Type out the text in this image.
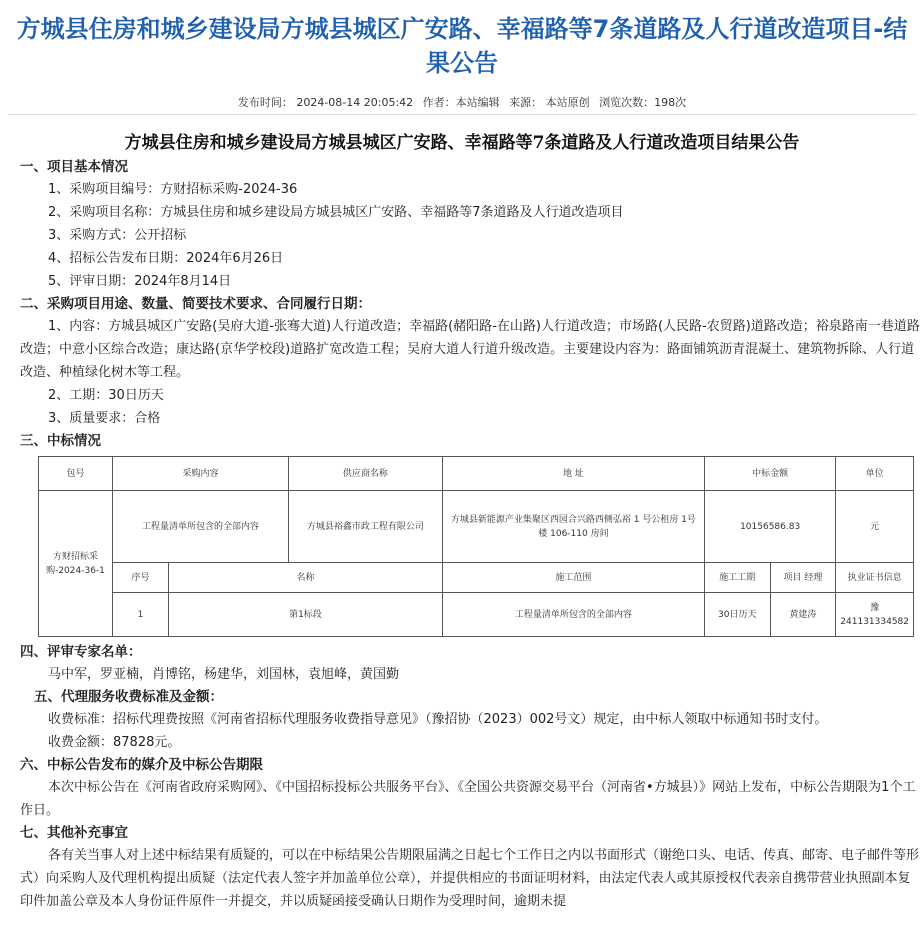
方城县住房和城乡建设局方城县城区广安路、幸福路等7条道路及人行道改造项目-结果公告
发布时间： 2024-08-14 20:05:42 作者：本站编辑 来源： 本站原创 浏览次数：198次
方城县住房和城乡建设局方城县城区广安路、幸福路等7条道路及人行道改造项目结果公告
一、项目基本情况
1、采购项目编号：方财招标采购-2024-36
2、采购项目名称：方城县住房和城乡建设局方城县城区广安路、幸福路等7条道路及人行道改造项目
3、采购方式：公开招标
4、招标公告发布日期：2024年6月26日
5、评审日期：2024年8月14日
二、采购项目用途、数量、简要技术要求、合同履行日期：
1、内容：方城县城区广安路(吴府大道-张骞大道)人行道改造；幸福路(赭阳路-在山路)人行道改造；市场路(人民路-农贸路)道路改造；裕泉路南一巷道路改造；中意小区综合改造；康达路(京华学校段)道路扩宽改造工程；吴府大道人行道升级改造。主要建设内容为：路面铺筑沥青混凝土、建筑物拆除、人行道改造、种植绿化树木等工程。
2、工期：30日历天
3、质量要求：合格
三、中标情况
包号	采购内容		供应商名称	地 址	中标金额		单位
方财招标采购-2024-36-1	工程量清单所包含的全部内容		方城县裕鑫市政工程有限公司	方城县新能源产业集聚区西园合兴路西侧弘裕 1 号公租房 1号楼 106-110 房间	10156586.83		元
	序号	名称		施工范围	施工工期	项目 经理	执业证书信息
	1	第1标段		工程量清单所包含的全部内容	30日历天	黄建涛	豫241131334582
四、评审专家名单：
马中军，罗亚楠，肖博铭，杨建华，刘国林，袁旭峰，黄国勤
五、代理服务收费标准及金额：
收费标准：招标代理费按照《河南省招标代理服务收费指导意见》（豫招协（2023）002号文）规定，由中标人领取中标通知书时支付。
收费金额：87828元。
六、中标公告发布的媒介及中标公告期限
本次中标公告在《河南省政府采购网》、《中国招标投标公共服务平台》、《全国公共资源交易平台（河南省•方城县）》网站上发布，中标公告期限为1个工作日。
七、其他补充事宜
各有关当事人对上述中标结果有质疑的，可以在中标结果公告期限届满之日起七个工作日之内以书面形式（谢绝口头、电话、传真、邮寄、电子邮件等形式）向采购人及代理机构提出质疑（法定代表人签字并加盖单位公章），并提供相应的书面证明材料，由法定代表人或其原授权代表亲自携带营业执照副本复印件加盖公章及本人身份证件原件一并提交，并以质疑函接受确认日期作为受理时间，逾期未提
